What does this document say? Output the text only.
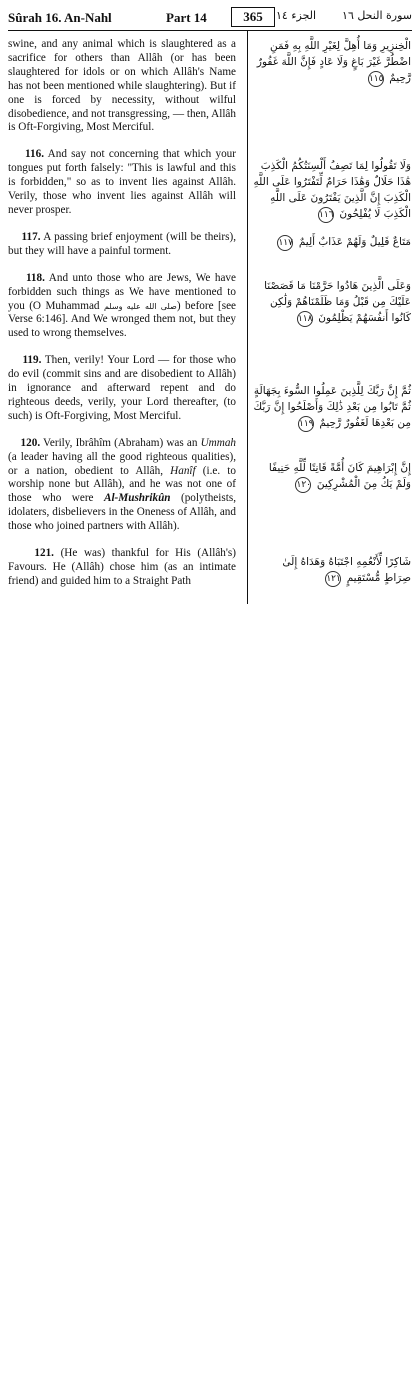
Sûrah 16. An-Nahl	Part 14	365	الجزء ١٤ سورة النحل ١٦

swine, and any animal which is slaughtered as a sacrifice for others than Allâh (or has been slaughtered for idols or on which Allâh's Name has not been mentioned while slaughtering). But if one is forced by necessity, without wilful disobedience, and not transgressing, — then, Allâh is Oft-Forgiving, Most Merciful.

116. And say not concerning that which your tongues put forth falsely: "This is lawful and this is forbidden," so as to invent lies against Allâh. Verily, those who invent lies against Allâh will never prosper.

117. A passing brief enjoyment (will be theirs), but they will have a painful torment.

118. And unto those who are Jews, We have forbidden such things as We have mentioned to you (O Muhammad صلى الله عليه وسلم) before [see Verse 6:146]. And We wronged them not, but they used to wrong themselves.

119. Then, verily! Your Lord — for those who do evil (commit sins and are disobedient to Allâh) in ignorance and afterward repent and do righteous deeds, verily, your Lord thereafter, (to such) is Oft-Forgiving, Most Merciful.

120. Verily, Ibrâhîm (Abraham) was an Ummah (a leader having all the good righteous qualities), or a nation, obedient to Allâh, Hanîf (i.e. to worship none but Allâh), and he was not one of those who were Al-Mushrikûn (polytheists, idolaters, disbelievers in the Oneness of Allâh, and those who joined partners with Allâh).

121. (He was) thankful for His (Allâh's) Favours. He (Allâh) chose him (as an intimate friend) and guided him to a Straight Path

الْخِنزِيرِ وَمَا أُهِلَّ لِغَيْرِ اللَّهِ بِهِ فَمَنِ اضْطُرَّ غَيْرَ بَاغٍ وَلَا عَادٍ فَإِنَّ اللَّهَ غَفُورٌ رَّحِيمٌ ١١٥
وَلَا تَقُولُوا لِمَا تَصِفُ أَلْسِنَتُكُمُ الْكَذِبَ هَٰذَا حَلَالٌ وَهَٰذَا حَرَامٌ لِّتَفْتَرُوا عَلَى اللَّهِ الْكَذِبَ إِنَّ الَّذِينَ يَفْتَرُونَ عَلَى اللَّهِ الْكَذِبَ لَا يُفْلِحُونَ ١١٦
مَتَاعٌ قَلِيلٌ وَلَهُمْ عَذَابٌ أَلِيمٌ ١١٧
وَعَلَى الَّذِينَ هَادُوا حَرَّمْنَا مَا قَصَصْنَا عَلَيْكَ مِن قَبْلُ وَمَا ظَلَمْنَاهُمْ وَلَٰكِن كَانُوا أَنفُسَهُمْ يَظْلِمُونَ ١١٨
ثُمَّ إِنَّ رَبَّكَ لِلَّذِينَ عَمِلُوا السُّوءَ بِجَهَالَةٍ ثُمَّ تَابُوا مِن بَعْدِ ذَٰلِكَ وَأَصْلَحُوا إِنَّ رَبَّكَ مِن بَعْدِهَا لَغَفُورٌ رَّحِيمٌ ١١٩
إِنَّ إِبْرَاهِيمَ كَانَ أُمَّةً قَانِتًا لِّلَّهِ حَنِيفًا وَلَمْ يَكُ مِنَ الْمُشْرِكِينَ ١٢٠
شَاكِرًا لِّأَنْعُمِهِ اجْتَبَاهُ وَهَدَاهُ إِلَىٰ صِرَاطٍ مُّسْتَقِيمٍ ١٢١
